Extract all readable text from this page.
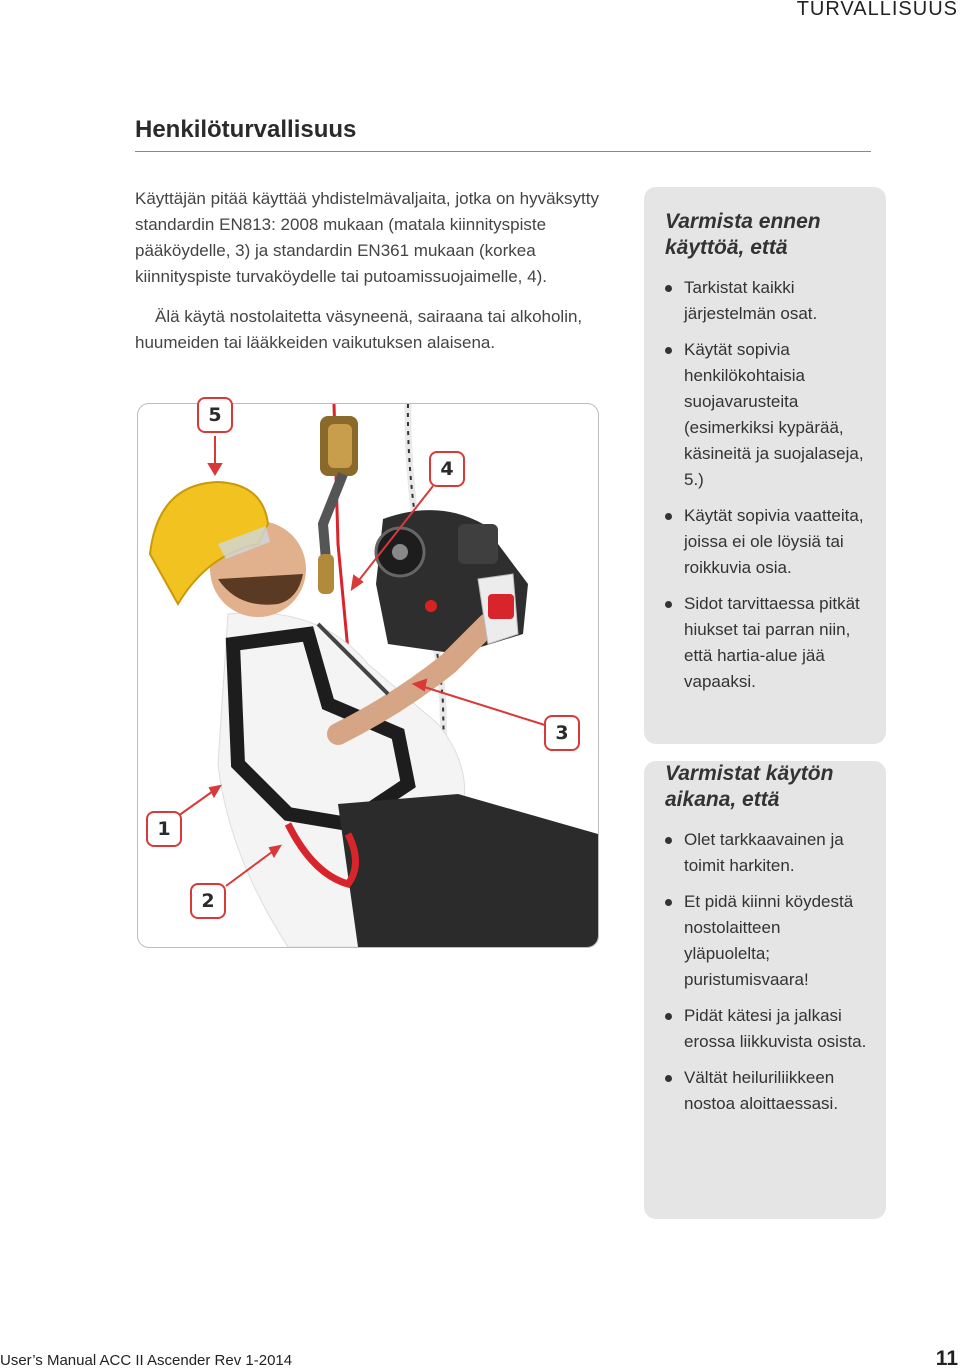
TURVALLISUUS
Henkilöturvallisuus

Käyttäjän pitää käyttää yhdistelmävaljaita, jotka on hyväksytty standardin EN813: 2008 mukaan (matala kiinnityspiste pääköydelle, 3) ja standardin EN361 mukaan (korkea kiinnityspiste turvaköydelle tai putoamissuojaimelle, 4).

Älä käytä nostolaitetta väsyneenä, sairaana tai alkoholin, huumeiden tai lääkkeiden vaikutuksen alaisena.

5
4
3
1
2
Varmista ennen käyttöä, että
Tarkistat kaikki järjestelmän osat.
Käytät sopivia henkilökohtaisia suojavarusteita (esimerkiksi kypärää, käsineitä ja suojalaseja, 5.)
Käytät sopivia vaatteita, joissa ei ole löysiä tai roikkuvia osia.
Sidot tarvittaessa pitkät hiukset tai parran niin, että hartia-alue jää vapaaksi.
Varmistat käytön aikana, että
Olet tarkkaavainen ja toimit harkiten.
Et pidä kiinni köydestä nostolaitteen yläpuolelta; puristumisvaara!
Pidät kätesi ja jalkasi erossa liikkuvista osista.
Vältät heiluriliikkeen nostoa aloittaessasi.
User’s Manual ACC II Ascender Rev 1-2014	11
